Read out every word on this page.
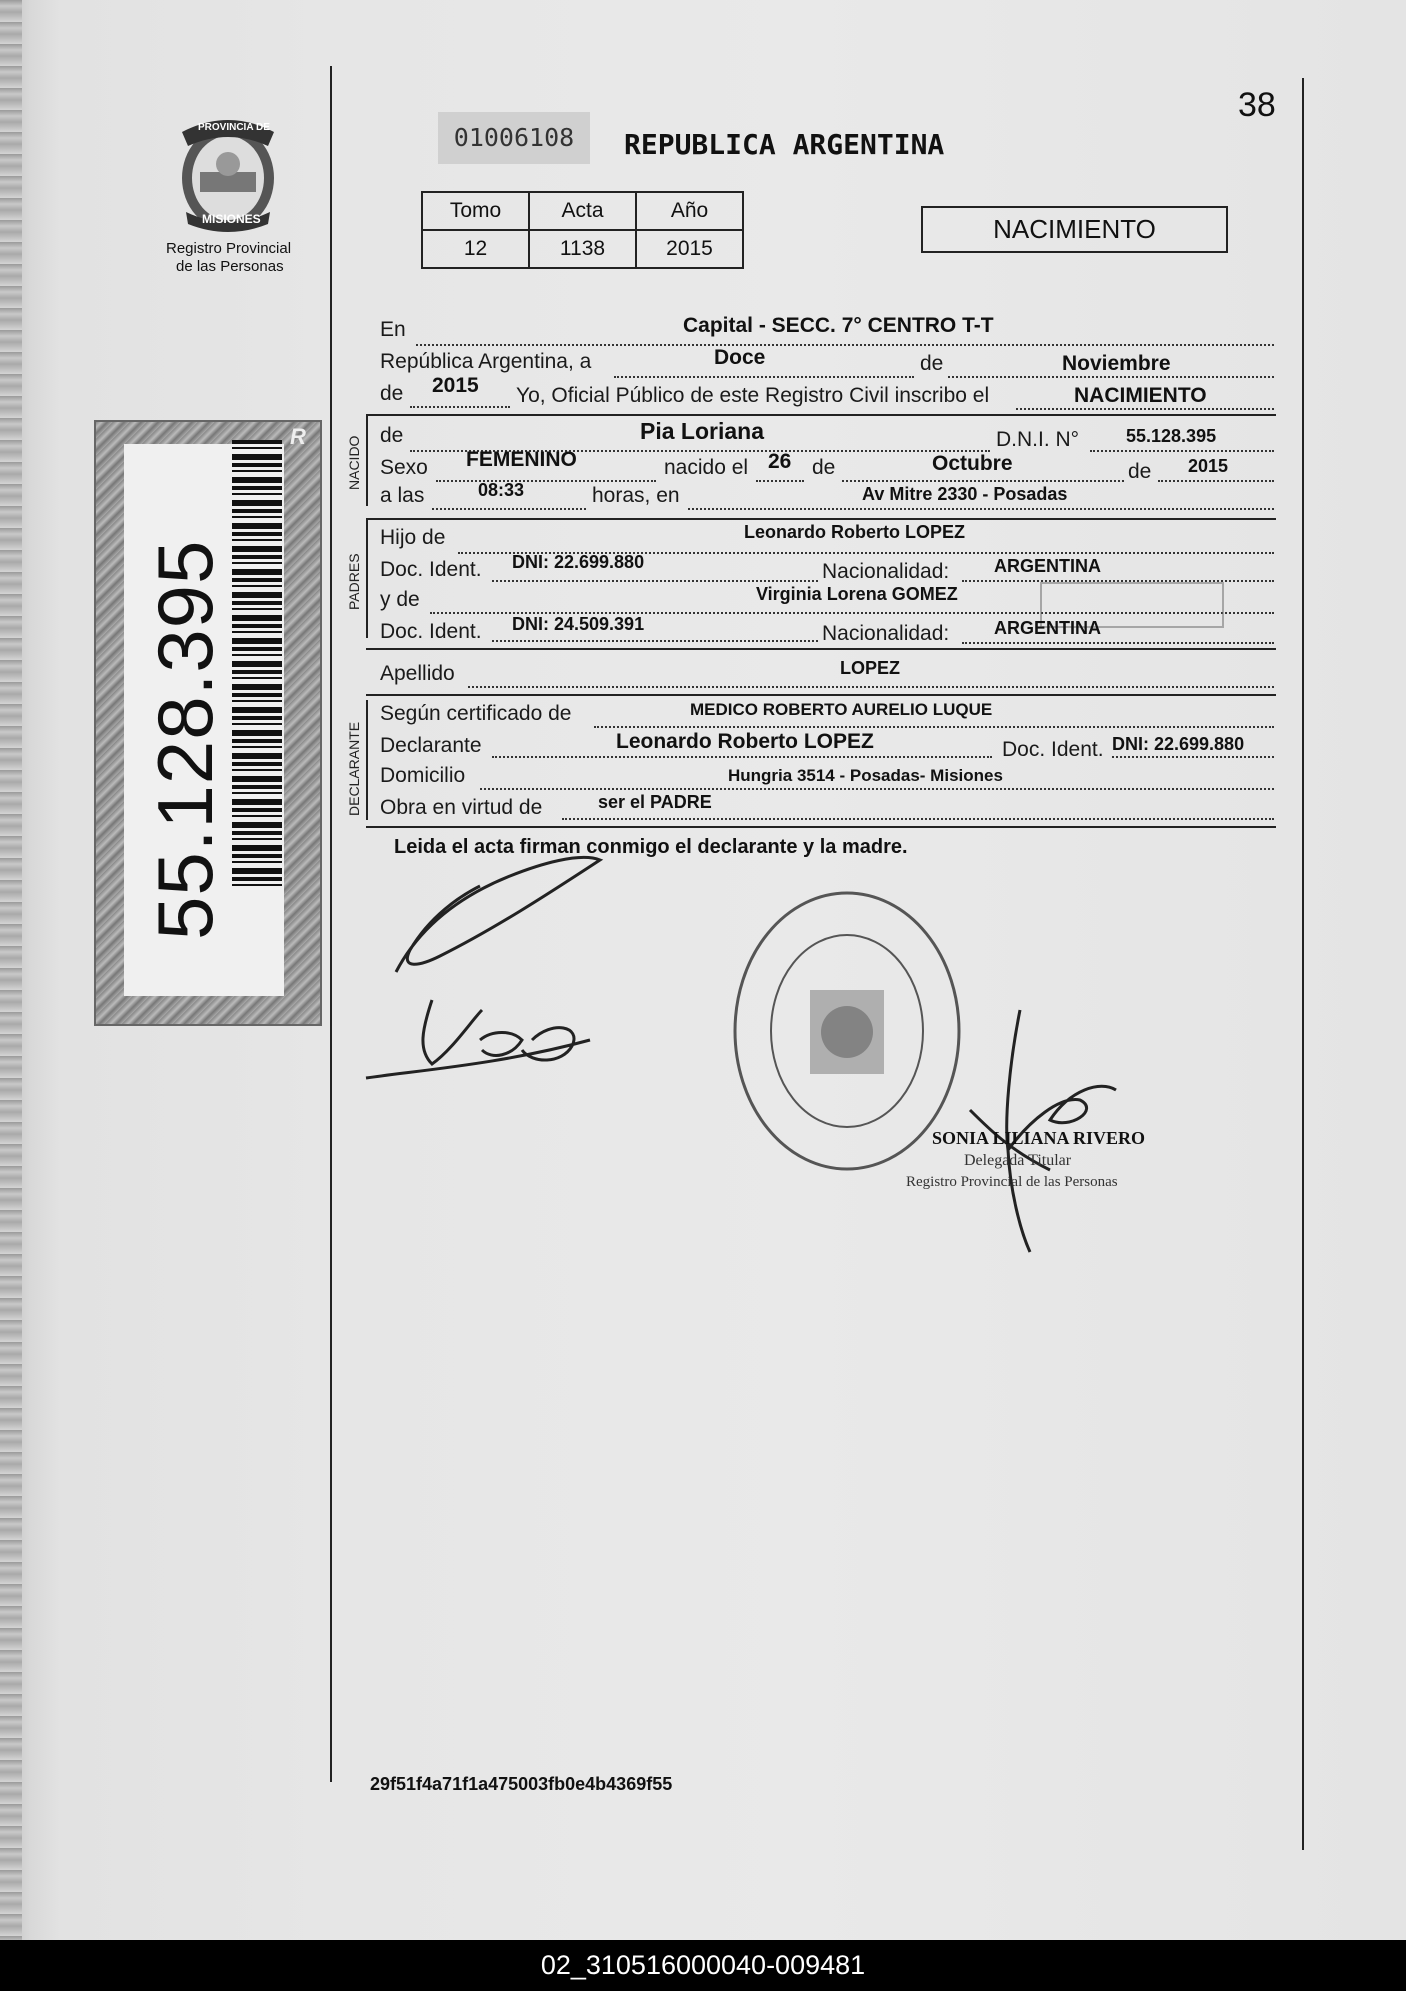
PROVINCIA DE
MISIONES
Registro Provincial
de las Personas
55.128.395
R
38
01006108	REPUBLICA ARGENTINA
Tomo	Acta	Año
12	1138	2015
NACIMIENTO
En	Capital - SECC. 7° CENTRO T-T
República Argentina, a	Doce	de	Noviembre
de 2015 Yo, Oficial Público de este Registro Civil inscribo el	NACIMIENTO
NACIDO
de	Pia Loriana	D.N.I. N°	55.128.395
Sexo FEMENINO	nacido el 26 de	Octubre	de 2015
a las	08:33	horas, en	Av Mitre 2330 - Posadas
PADRES
Hijo de	Leonardo Roberto LOPEZ
Doc. Ident. DNI: 22.699.880	Nacionalidad: ARGENTINA
y de	Virginia Lorena GOMEZ
Doc. Ident. DNI: 24.509.391	Nacionalidad: ARGENTINA
Apellido	LOPEZ
DECLARANTE
Según certificado de	MEDICO ROBERTO AURELIO LUQUE
Declarante	Leonardo Roberto LOPEZ	Doc. Ident. DNI: 22.699.880
Domicilio	Hungria 3514 - Posadas- Misiones
Obra en virtud de	ser el PADRE
Leida el acta firman conmigo el declarante y la madre.
SONIA LILIANA RIVERO
Delegada Titular
Registro Provincial de las Personas
29f51f4a71f1a475003fb0e4b4369f55
02_310516000040-009481
